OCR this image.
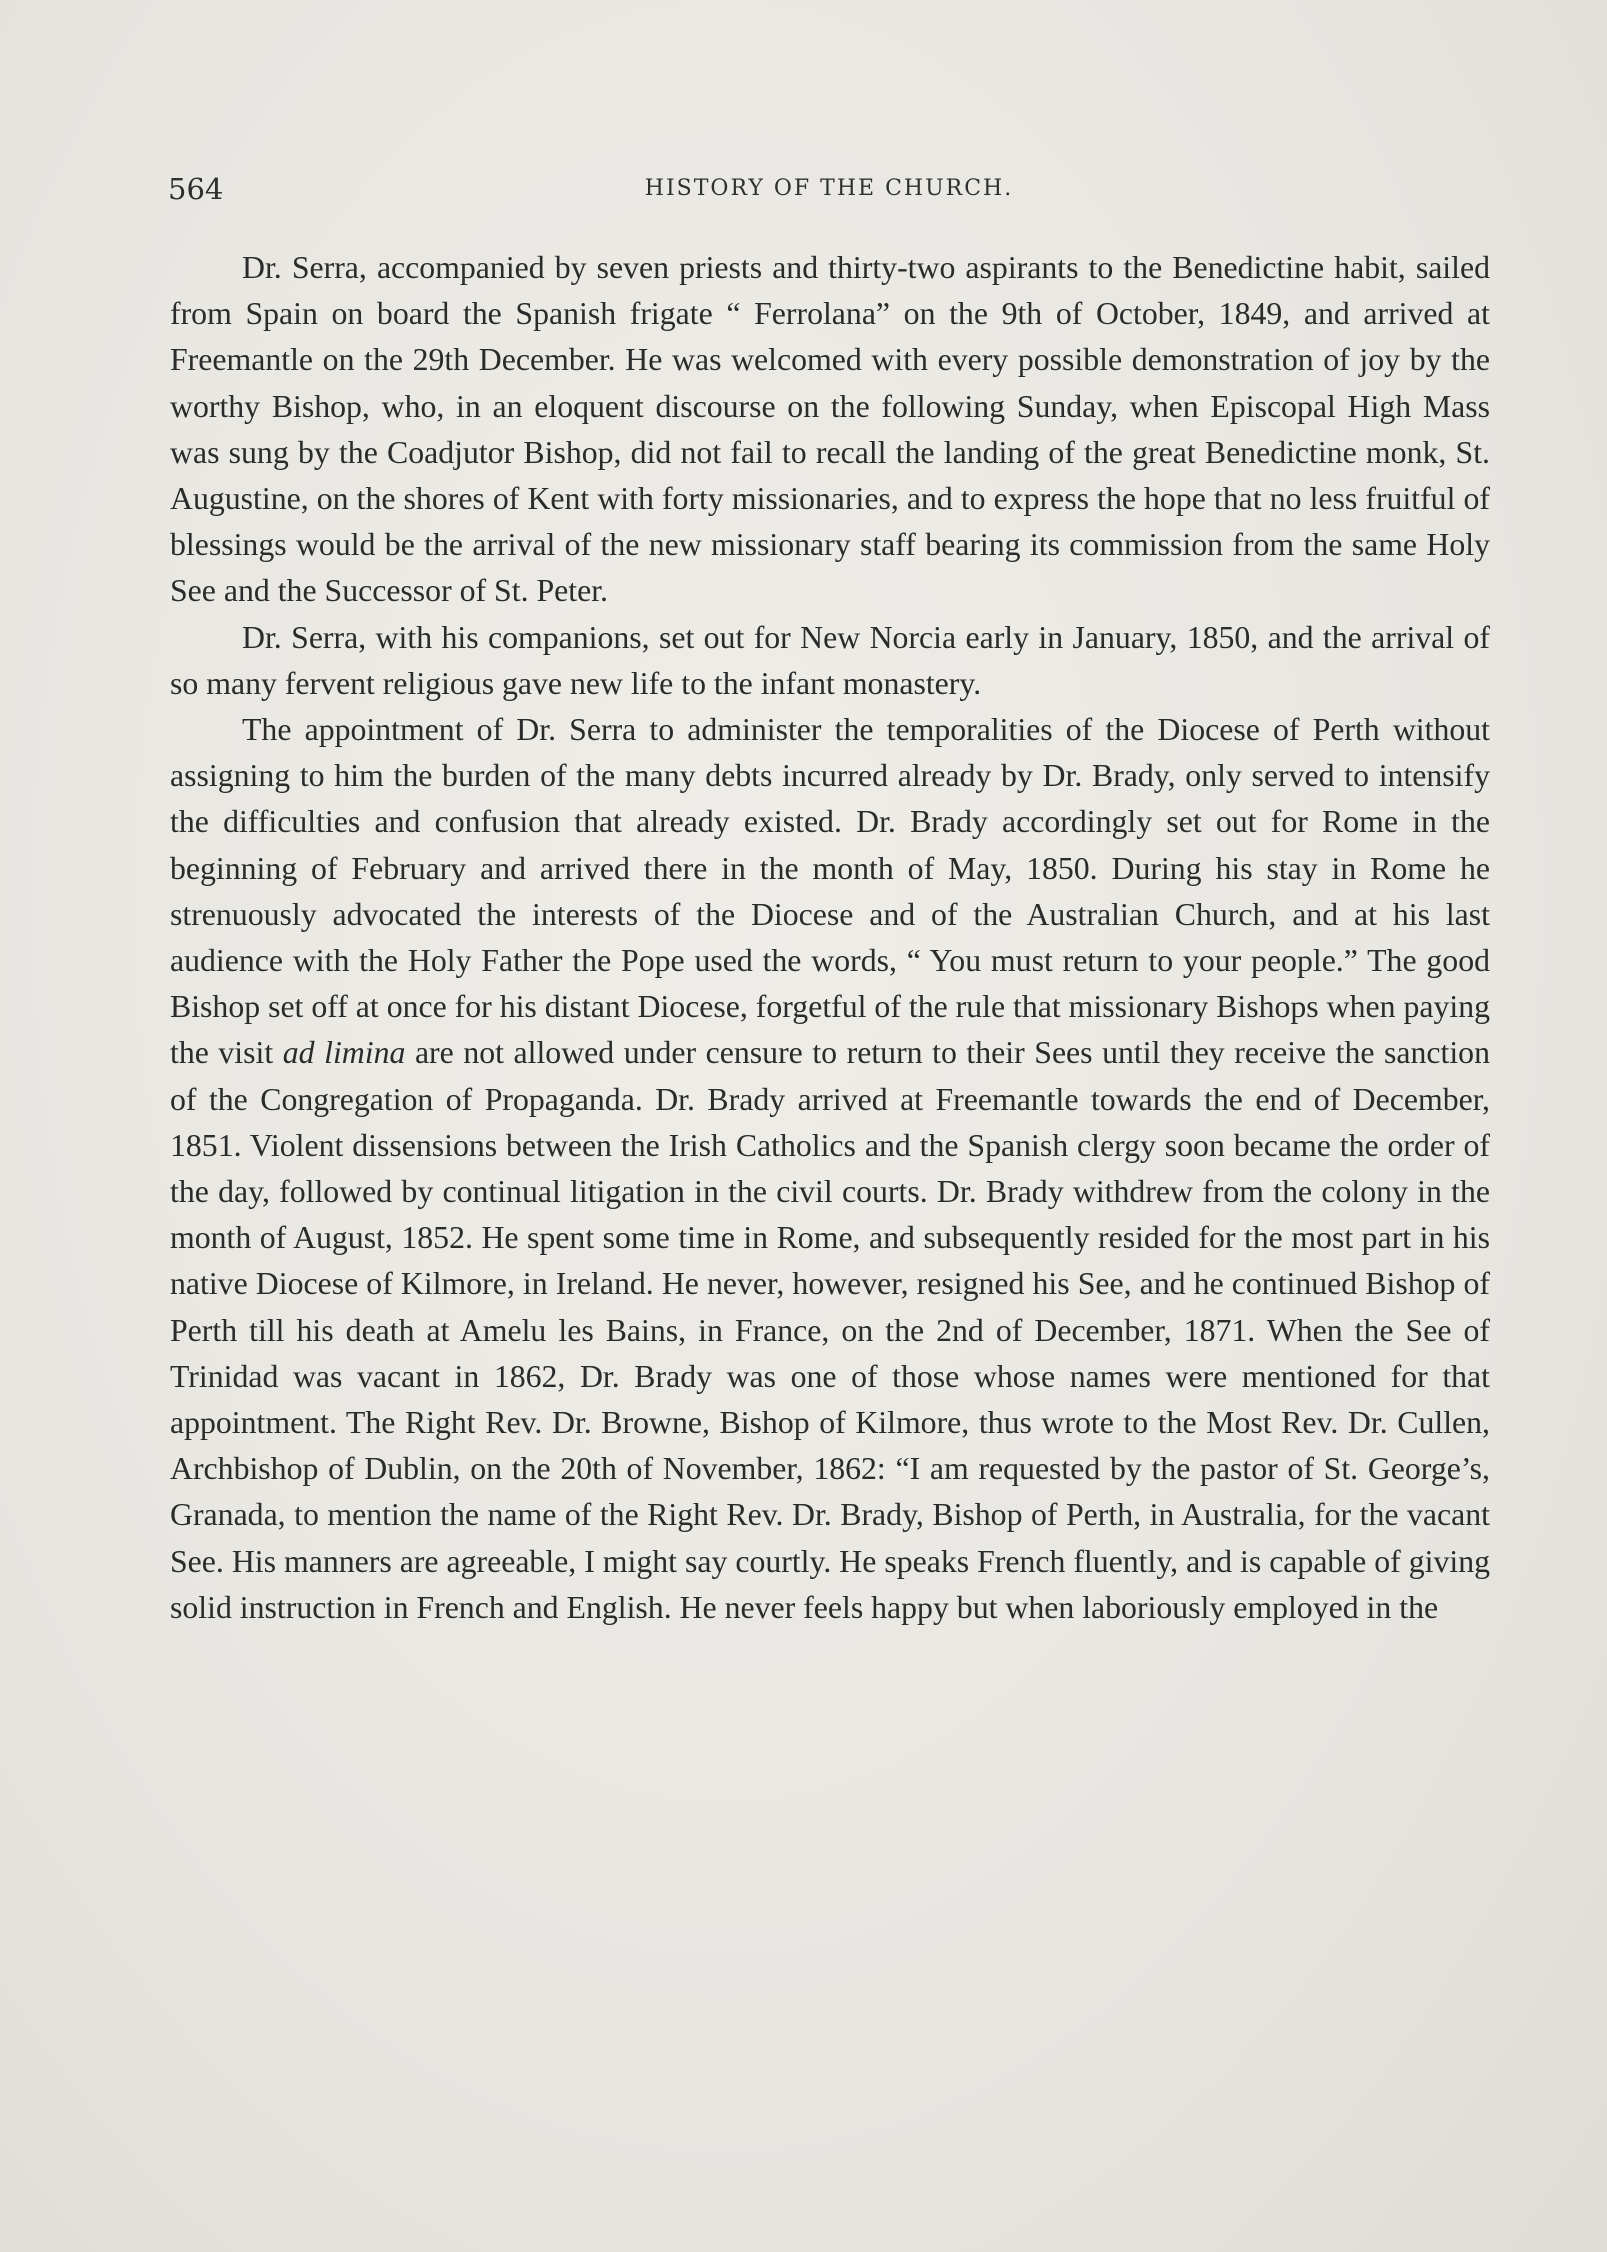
564	HISTORY OF THE CHURCH.

Dr. Serra, accompanied by seven priests and thirty-two aspirants to the Benedictine habit, sailed from Spain on board the Spanish frigate “ Ferrolana” on the 9th of October, 1849, and arrived at Freemantle on the 29th December. He was welcomed with every possible demonstration of joy by the worthy Bishop, who, in an eloquent discourse on the following Sunday, when Episcopal High Mass was sung by the Coadjutor Bishop, did not fail to recall the landing of the great Benedictine monk, St. Augustine, on the shores of Kent with forty missionaries, and to express the hope that no less fruitful of blessings would be the arrival of the new missionary staff bearing its commission from the same Holy See and the Successor of St. Peter.

Dr. Serra, with his companions, set out for New Norcia early in January, 1850, and the arrival of so many fervent religious gave new life to the infant monastery.

The appointment of Dr. Serra to administer the temporalities of the Diocese of Perth without assigning to him the burden of the many debts incurred already by Dr. Brady, only served to intensify the difficulties and confusion that already existed. Dr. Brady accordingly set out for Rome in the beginning of February and arrived there in the month of May, 1850. During his stay in Rome he strenuously advocated the interests of the Diocese and of the Australian Church, and at his last audience with the Holy Father the Pope used the words, “ You must return to your people.” The good Bishop set off at once for his distant Diocese, forgetful of the rule that missionary Bishops when paying the visit ad limina are not allowed under censure to return to their Sees until they receive the sanction of the Congregation of Propaganda. Dr. Brady arrived at Freemantle towards the end of December, 1851. Violent dissensions between the Irish Catholics and the Spanish clergy soon became the order of the day, followed by continual litigation in the civil courts. Dr. Brady withdrew from the colony in the month of August, 1852. He spent some time in Rome, and subsequently resided for the most part in his native Diocese of Kilmore, in Ireland. He never, however, resigned his See, and he continued Bishop of Perth till his death at Amelu les Bains, in France, on the 2nd of December, 1871. When the See of Trinidad was vacant in 1862, Dr. Brady was one of those whose names were mentioned for that appointment. The Right Rev. Dr. Browne, Bishop of Kilmore, thus wrote to the Most Rev. Dr. Cullen, Archbishop of Dublin, on the 20th of November, 1862: “I am requested by the pastor of St. George’s, Granada, to mention the name of the Right Rev. Dr. Brady, Bishop of Perth, in Australia, for the vacant See. His manners are agreeable, I might say courtly. He speaks French fluently, and is capable of giving solid instruction in French and English. He never feels happy but when laboriously employed in the
